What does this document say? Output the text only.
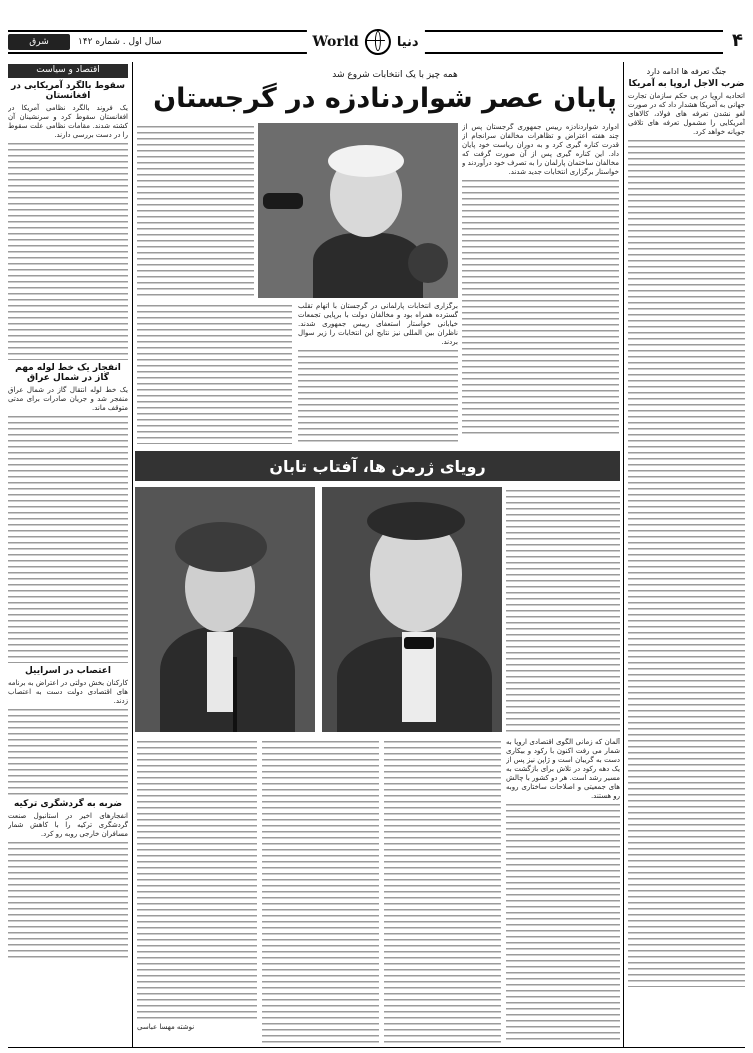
۴
شرق	سال اول . شماره ۱۴۲	World	دنیا
اقتصاد و سیاست
سقوط بالگرد آمریکایی در افغانستان
یک فروند بالگرد نظامی آمریکا در افغانستان سقوط کرد و سرنشینان آن کشته شدند. مقامات نظامی علت سقوط را در دست بررسی دارند.
انفجار یک خط لوله مهم گاز در شمال عراق
یک خط لوله انتقال گاز در شمال عراق منفجر شد و جریان صادرات برای مدتی متوقف ماند.
اعتصاب در اسراییل
کارکنان بخش دولتی در اعتراض به برنامه های اقتصادی دولت دست به اعتصاب زدند.
ضربه به گردشگری ترکیه
انفجارهای اخیر در استانبول صنعت گردشگری ترکیه را با کاهش شمار مسافران خارجی روبه رو کرد.
جنگ تعرفه ها ادامه دارد
ضرب الاجل اروپا به آمریکا
اتحادیه اروپا در پی حکم سازمان تجارت جهانی به آمریکا هشدار داد که در صورت لغو نشدن تعرفه های فولاد، کالاهای آمریکایی را مشمول تعرفه های تلافی جویانه خواهد کرد.
همه چیز با یک انتخابات شروع شد
پایان عصر شواردنادزه در گرجستان
ادوارد شواردنادزه رییس جمهوری گرجستان پس از چند هفته اعتراض و تظاهرات مخالفان سرانجام از قدرت کناره گیری کرد و به دوران ریاست خود پایان داد. این کناره گیری پس از آن صورت گرفت که مخالفان ساختمان پارلمان را به تصرف خود درآوردند و خواستار برگزاری انتخابات جدید شدند.
برگزاری انتخابات پارلمانی در گرجستان با اتهام تقلب گسترده همراه بود و مخالفان دولت با برپایی تجمعات خیابانی خواستار استعفای رییس جمهوری شدند. ناظران بین المللی نیز نتایج این انتخابات را زیر سوال بردند.
رویای ژرمن ها، آفتاب تابان
آلمان که زمانی الگوی اقتصادی اروپا به شمار می رفت اکنون با رکود و بیکاری دست به گریبان است و ژاپن نیز پس از یک دهه رکود در تلاش برای بازگشت به مسیر رشد است. هر دو کشور با چالش های جمعیتی و اصلاحات ساختاری روبه رو هستند.
نوشته مهسا عباسی
